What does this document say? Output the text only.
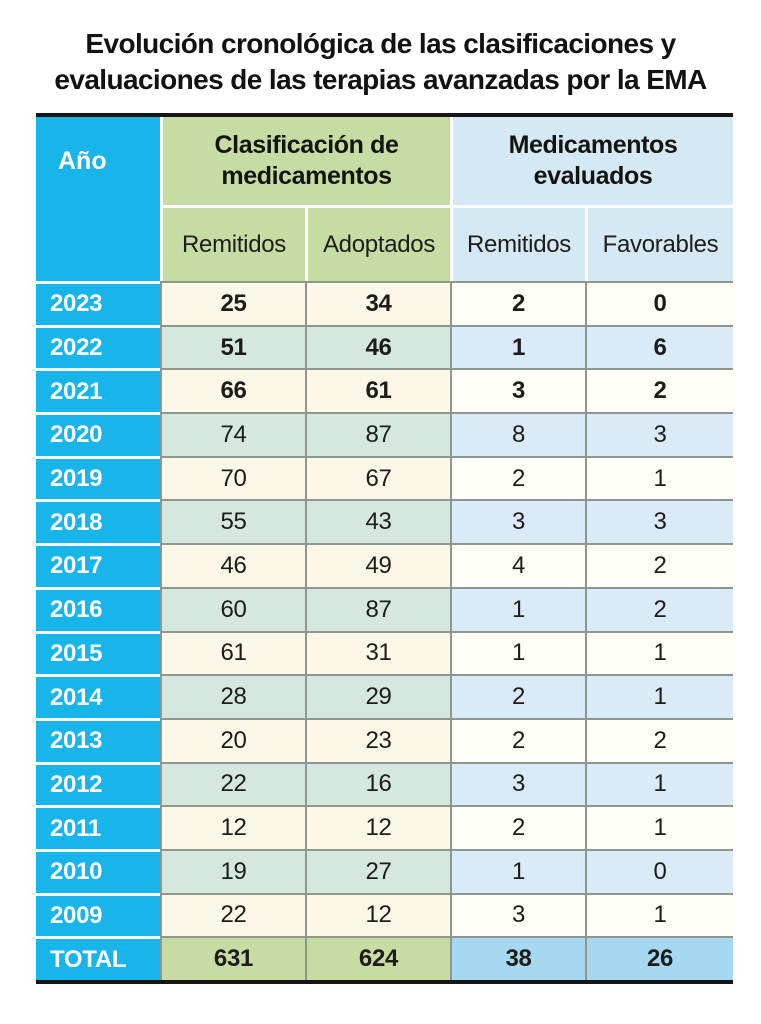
Evolución cronológica de las clasificaciones y
evaluaciones de las terapias avanzadas por la EMA
Año
Clasificación de medicamentos
Medicamentos evaluados
Remitidos	Adoptados	Remitidos	Favorables
2023	25	34	2	0
2022	51	46	1	6
2021	66	61	3	2
2020	74	87	8	3
2019	70	67	2	1
2018	55	43	3	3
2017	46	49	4	2
2016	60	87	1	2
2015	61	31	1	1
2014	28	29	2	1
2013	20	23	2	2
2012	22	16	3	1
2011	12	12	2	1
2010	19	27	1	0
2009	22	12	3	1
TOTAL	631	624	38	26
